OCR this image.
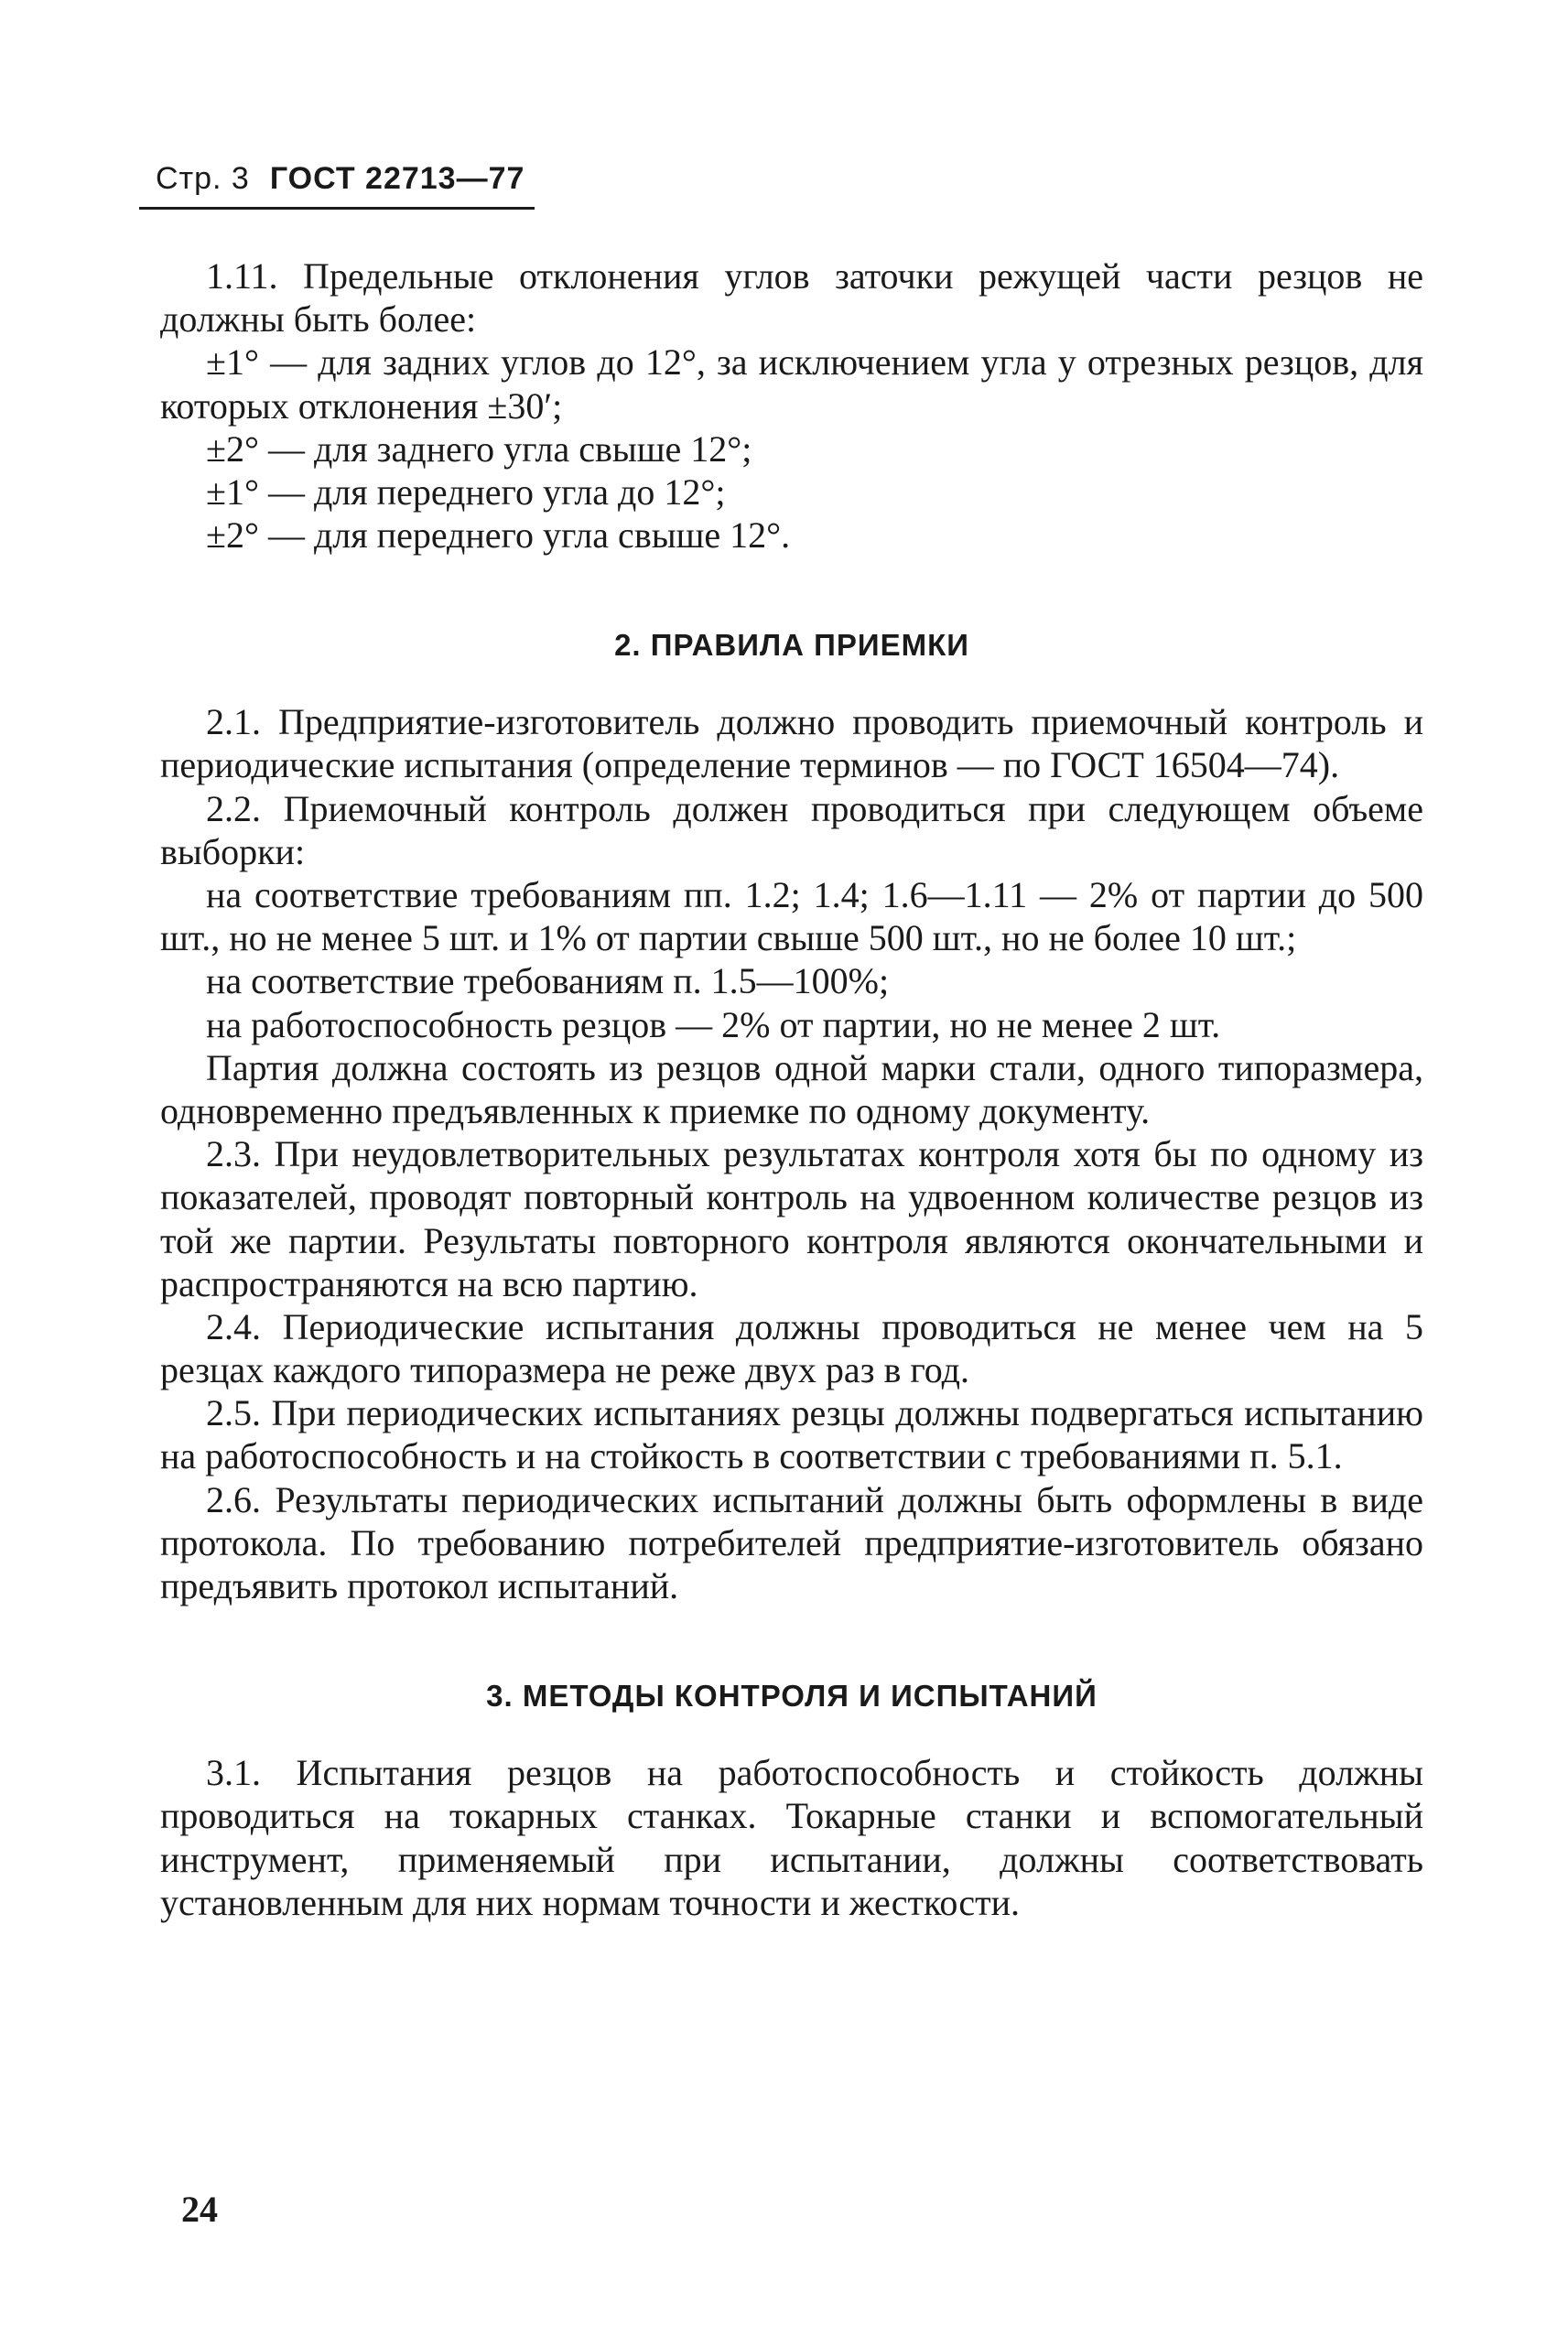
Стр. 3 ГОСТ 22713—77

1.11. Предельные отклонения углов заточки режущей части резцов не должны быть более:

±1° — для задних углов до 12°, за исключением угла у отрезных резцов, для которых отклонения ±30′;

±2° — для заднего угла свыше 12°;

±1° — для переднего угла до 12°;

±2° — для переднего угла свыше 12°.

2. ПРАВИЛА ПРИЕМКИ

2.1. Предприятие-изготовитель должно проводить приемочный контроль и периодические испытания (определение терминов — по ГОСТ 16504—74).

2.2. Приемочный контроль должен проводиться при следующем объеме выборки:

на соответствие требованиям пп. 1.2; 1.4; 1.6—1.11 — 2% от партии до 500 шт., но не менее 5 шт. и 1% от партии свыше 500 шт., но не более 10 шт.;

на соответствие требованиям п. 1.5—100%;

на работоспособность резцов — 2% от партии, но не менее 2 шт.

Партия должна состоять из резцов одной марки стали, одного типоразмера, одновременно предъявленных к приемке по одному документу.

2.3. При неудовлетворительных результатах контроля хотя бы по одному из показателей, проводят повторный контроль на удвоенном количестве резцов из той же партии. Результаты повторного контроля являются окончательными и распространяются на всю партию.

2.4. Периодические испытания должны проводиться не менее чем на 5 резцах каждого типоразмера не реже двух раз в год.

2.5. При периодических испытаниях резцы должны подвергаться испытанию на работоспособность и на стойкость в соответствии с требованиями п. 5.1.

2.6. Результаты периодических испытаний должны быть оформлены в виде протокола. По требованию потребителей предприятие-изготовитель обязано предъявить протокол испытаний.

3. МЕТОДЫ КОНТРОЛЯ И ИСПЫТАНИЙ

3.1. Испытания резцов на работоспособность и стойкость должны проводиться на токарных станках. Токарные станки и вспомогательный инструмент, применяемый при испытании, должны соответствовать установленным для них нормам точности и жесткости.

24
